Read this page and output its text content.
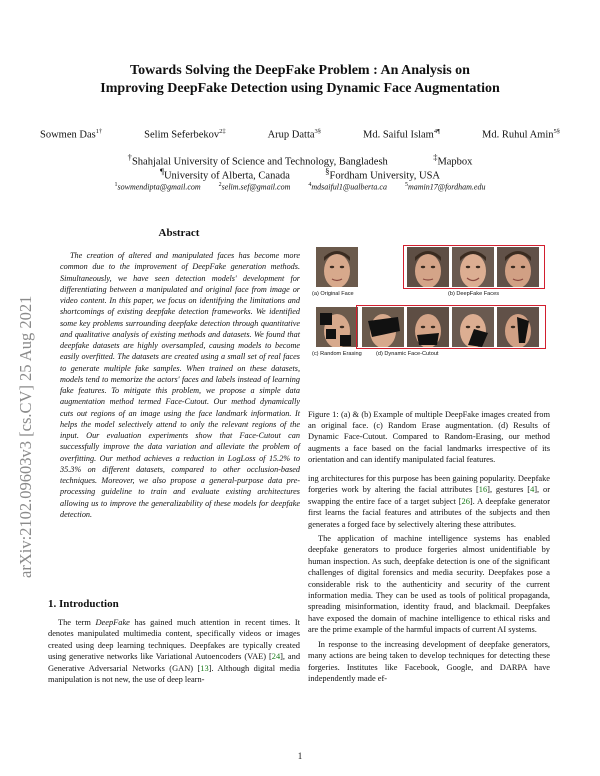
arXiv:2102.09603v3 [cs.CV] 25 Aug 2021
Towards Solving the DeepFake Problem : An Analysis on
Improving DeepFake Detection using Dynamic Face Augmentation
Sowmen Das$^{1\dagger}$	Selim Seferbekov$^{2\ddagger}$	Arup Datta$^{3\S}$	Md. Saiful Islam$^{4\P}$	Md. Ruhul Amin$^{5\S}$
†Shahjalal University of Science and Technology, Bangladesh	‡Mapbox
¶University of Alberta, Canada	§Fordham University, USA
$^1$sowmendipta@gmail.com	$^2$selim.sef@gmail.com	$^4$mdsaiful1@ualberta.ca	$^5$mamin17@fordham.edu
Abstract

The creation of altered and manipulated faces has become more common due to the improvement of DeepFake generation methods. Simultaneously, we have seen detection models' development for differentiating between a manipulated and original face from image or video content. In this paper, we focus on identifying the limitations and shortcomings of existing deepfake detection frameworks. We identified some key problems surrounding deepfake detection through quantitative and qualitative analysis of existing methods and datasets. We found that deepfake datasets are highly oversampled, causing models to become easily overfitted. The datasets are created using a small set of real faces to generate multiple fake samples. When trained on these datasets, models tend to memorize the actors' faces and labels instead of learning fake features. To mitigate this problem, we propose a simple data augmentation method termed Face-Cutout. Our method dynamically cuts out regions of an image using the face landmark information. It helps the model selectively attend to only the relevant regions of the input. Our evaluation experiments show that Face-Cutout can successfully improve the data variation and alleviate the problem of overfitting. Our method achieves a reduction in LogLoss of 15.2% to 35.3% on different datasets, compared to other occlusion-based techniques. Moreover, we also propose a general-purpose data pre-processing guideline to train and evaluate existing architectures allowing us to improve the generalizability of these models for deepfake detection.

1. Introduction

The term DeepFake has gained much attention in recent times. It denotes manipulated multimedia content, specifically videos or images created using deep learning techniques. Deepfakes are typically created using generative networks like Variational Autoencoders (VAE) [24], and Generative Adversarial Networks (GAN) [13]. Although digital media manipulation is not new, the use of deep learn-

(a) Original Face	(b) DeepFake Faces
(c) Random Erasing	(d) Dynamic Face-Cutout

Figure 1: (a) & (b) Example of multiple DeepFake images created from an original face. (c) Random Erase augmentation. (d) Results of Dynamic Face-Cutout. Compared to Random-Erasing, our method augments a face based on the facial landmarks irrespective of its orientation and can identify manipulated facial features.

ing architectures for this purpose has been gaining popularity. Deepfake forgeries work by altering the facial attributes [16], gestures [4], or swapping the entire face of a target subject [26]. A deepfake generator first learns the facial features and attributes of the subjects and then generates a forged face by selectively altering these attributes.

The application of machine intelligence systems has enabled deepfake generators to produce forgeries almost unidentifiable by human inspection. As such, deepfake detection is one of the significant challenges of digital forensics and media security. Deepfakes pose a considerable risk to the authenticity and security of the current information media. They can be used as tools of political propaganda, spreading misinformation, identity fraud, and blackmail. Deepfakes have exposed the domain of machine intelligence to ethical risks and are the prime example of the harmful impacts of current AI systems.

In response to the increasing development of deepfake generators, many actions are being taken to develop techniques for detecting these forgeries. Institutes like Facebook, Google, and DARPA have independently made ef-

1
